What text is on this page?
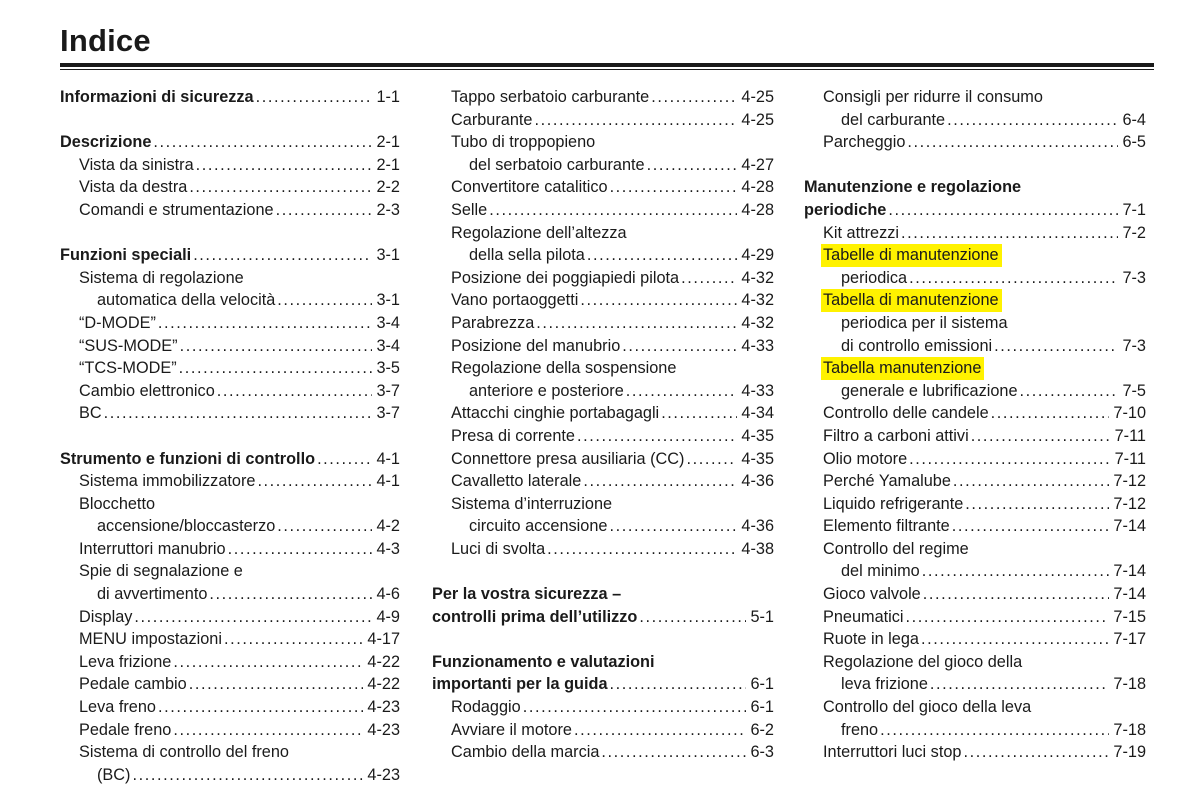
Indice
Informazioni di sicurezza .....	1-1
Descrizione .....	2-1
Vista da sinistra .....	2-1
Vista da destra .....	2-2
Comandi e strumentazione .....	2-3
Funzioni speciali .....	3-1
Sistema di regolazione
automatica della velocità .....	3-1
“D-MODE” .....	3-4
“SUS-MODE” .....	3-4
“TCS-MODE” .....	3-5
Cambio elettronico .....	3-7
BC .....	3-7
Strumento e funzioni di controllo .....	4-1
Sistema immobilizzatore .....	4-1
Blocchetto
accensione/bloccasterzo .....	4-2
Interruttori manubrio .....	4-3
Spie di segnalazione e
di avvertimento .....	4-6
Display .....	4-9
MENU impostazioni .....	4-17
Leva frizione .....	4-22
Pedale cambio .....	4-22
Leva freno .....	4-23
Pedale freno .....	4-23
Sistema di controllo del freno
(BC) .....	4-23
Tappo serbatoio carburante .....	4-25
Carburante .....	4-25
Tubo di troppopieno
del serbatoio carburante .....	4-27
Convertitore catalitico .....	4-28
Selle .....	4-28
Regolazione dell’altezza
della sella pilota .....	4-29
Posizione dei poggiapiedi pilota .....	4-32
Vano portaoggetti .....	4-32
Parabrezza .....	4-32
Posizione del manubrio .....	4-33
Regolazione della sospensione
anteriore e posteriore .....	4-33
Attacchi cinghie portabagagli .....	4-34
Presa di corrente .....	4-35
Connettore presa ausiliaria (CC) .....	4-35
Cavalletto laterale .....	4-36
Sistema d’interruzione
circuito accensione .....	4-36
Luci di svolta .....	4-38
Per la vostra sicurezza –
controlli prima dell’utilizzo .....	5-1
Funzionamento e valutazioni
importanti per la guida .....	6-1
Rodaggio .....	6-1
Avviare il motore .....	6-2
Cambio della marcia .....	6-3
Consigli per ridurre il consumo
del carburante .....	6-4
Parcheggio .....	6-5
Manutenzione e regolazione
periodiche .....	7-1
Kit attrezzi .....	7-2
Tabelle di manutenzione
periodica .....	7-3
Tabella di manutenzione
periodica per il sistema
di controllo emissioni .....	7-3
Tabella manutenzione
generale e lubrificazione .....	7-5
Controllo delle candele .....	7-10
Filtro a carboni attivi .....	7-11
Olio motore .....	7-11
Perché Yamalube .....	7-12
Liquido refrigerante .....	7-12
Elemento filtrante .....	7-14
Controllo del regime
del minimo .....	7-14
Gioco valvole .....	7-14
Pneumatici .....	7-15
Ruote in lega .....	7-17
Regolazione del gioco della
leva frizione .....	7-18
Controllo del gioco della leva
freno .....	7-18
Interruttori luci stop .....	7-19
